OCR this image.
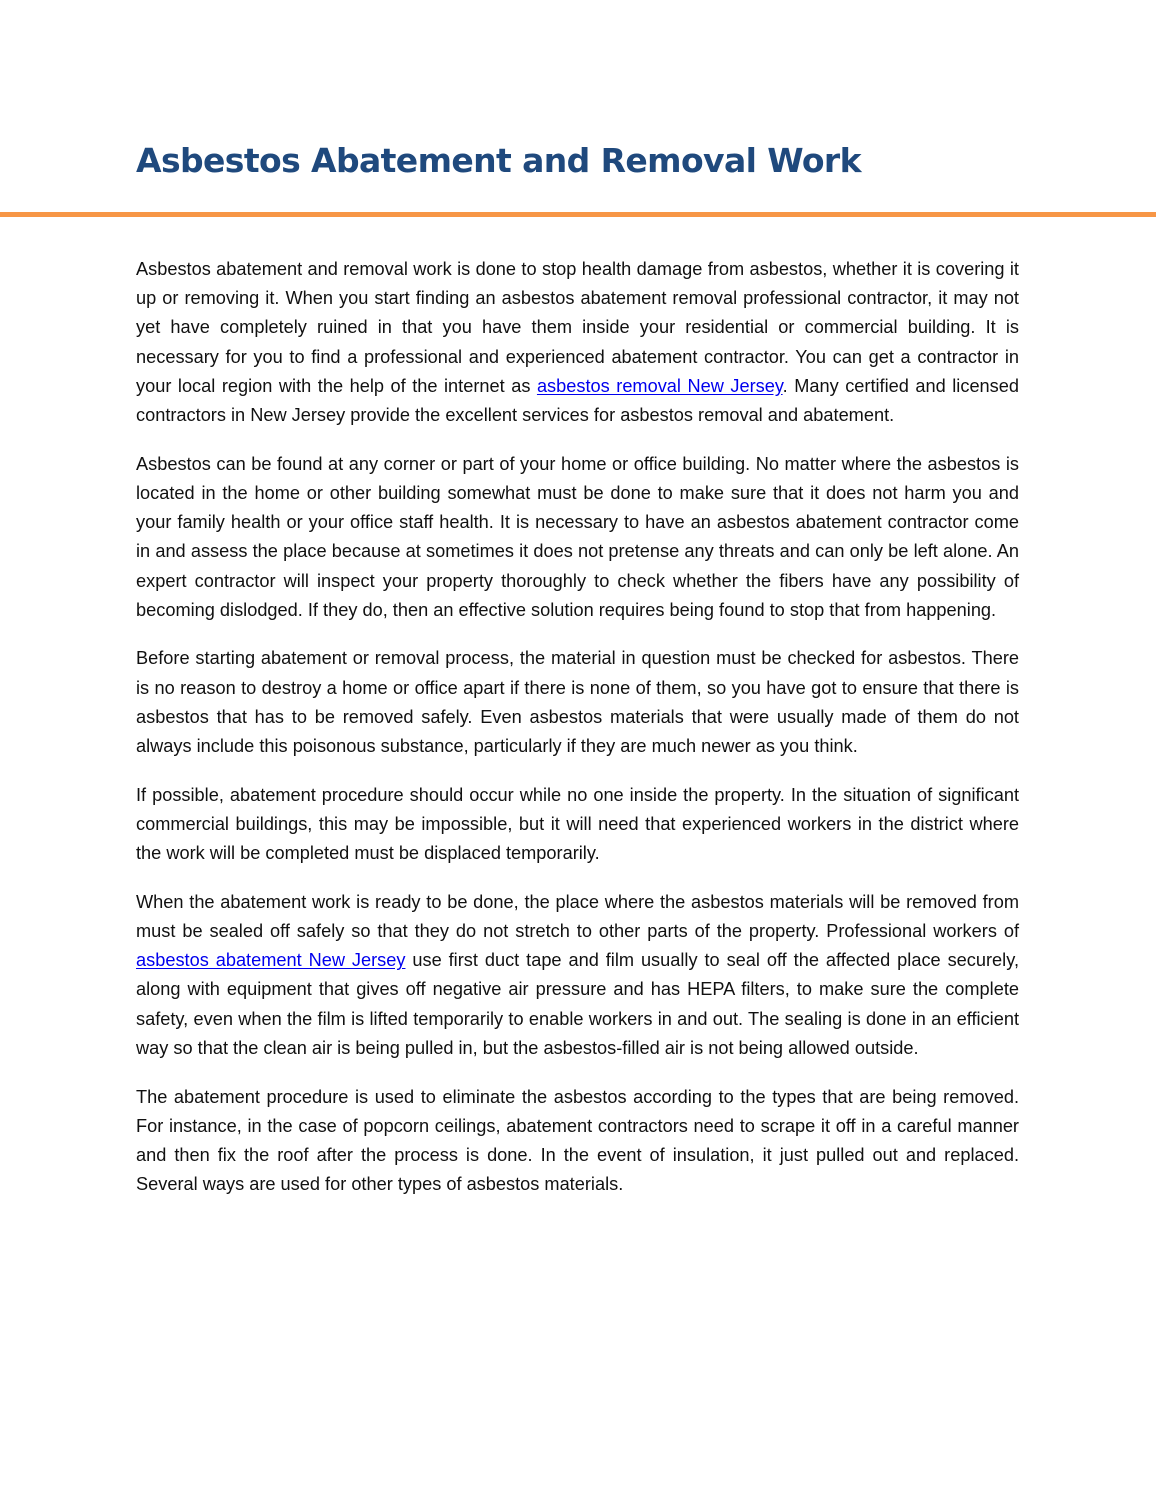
Asbestos Abatement and Removal Work

Asbestos abatement and removal work is done to stop health damage from asbestos, whether it is covering it up or removing it. When you start finding an asbestos abatement removal professional contractor, it may not yet have completely ruined in that you have them inside your residential or commercial building. It is necessary for you to find a professional and experienced abatement contractor. You can get a contractor in your local region with the help of the internet as asbestos removal New Jersey. Many certified and licensed contractors in New Jersey provide the excellent services for asbestos removal and abatement.

Asbestos can be found at any corner or part of your home or office building. No matter where the asbestos is located in the home or other building somewhat must be done to make sure that it does not harm you and your family health or your office staff health. It is necessary to have an asbestos abatement contractor come in and assess the place because at sometimes it does not pretense any threats and can only be left alone. An expert contractor will inspect your property thoroughly to check whether the fibers have any possibility of becoming dislodged. If they do, then an effective solution requires being found to stop that from happening.

Before starting abatement or removal process, the material in question must be checked for asbestos. There is no reason to destroy a home or office apart if there is none of them, so you have got to ensure that there is asbestos that has to be removed safely. Even asbestos materials that were usually made of them do not always include this poisonous substance, particularly if they are much newer as you think.

If possible, abatement procedure should occur while no one inside the property. In the situation of significant commercial buildings, this may be impossible, but it will need that experienced workers in the district where the work will be completed must be displaced temporarily.

When the abatement work is ready to be done, the place where the asbestos materials will be removed from must be sealed off safely so that they do not stretch to other parts of the property. Professional workers of asbestos abatement New Jersey use first duct tape and film usually to seal off the affected place securely, along with equipment that gives off negative air pressure and has HEPA filters, to make sure the complete safety, even when the film is lifted temporarily to enable workers in and out. The sealing is done in an efficient way so that the clean air is being pulled in, but the asbestos-filled air is not being allowed outside.

The abatement procedure is used to eliminate the asbestos according to the types that are being removed. For instance, in the case of popcorn ceilings, abatement contractors need to scrape it off in a careful manner and then fix the roof after the process is done. In the event of insulation, it just pulled out and replaced. Several ways are used for other types of asbestos materials.
